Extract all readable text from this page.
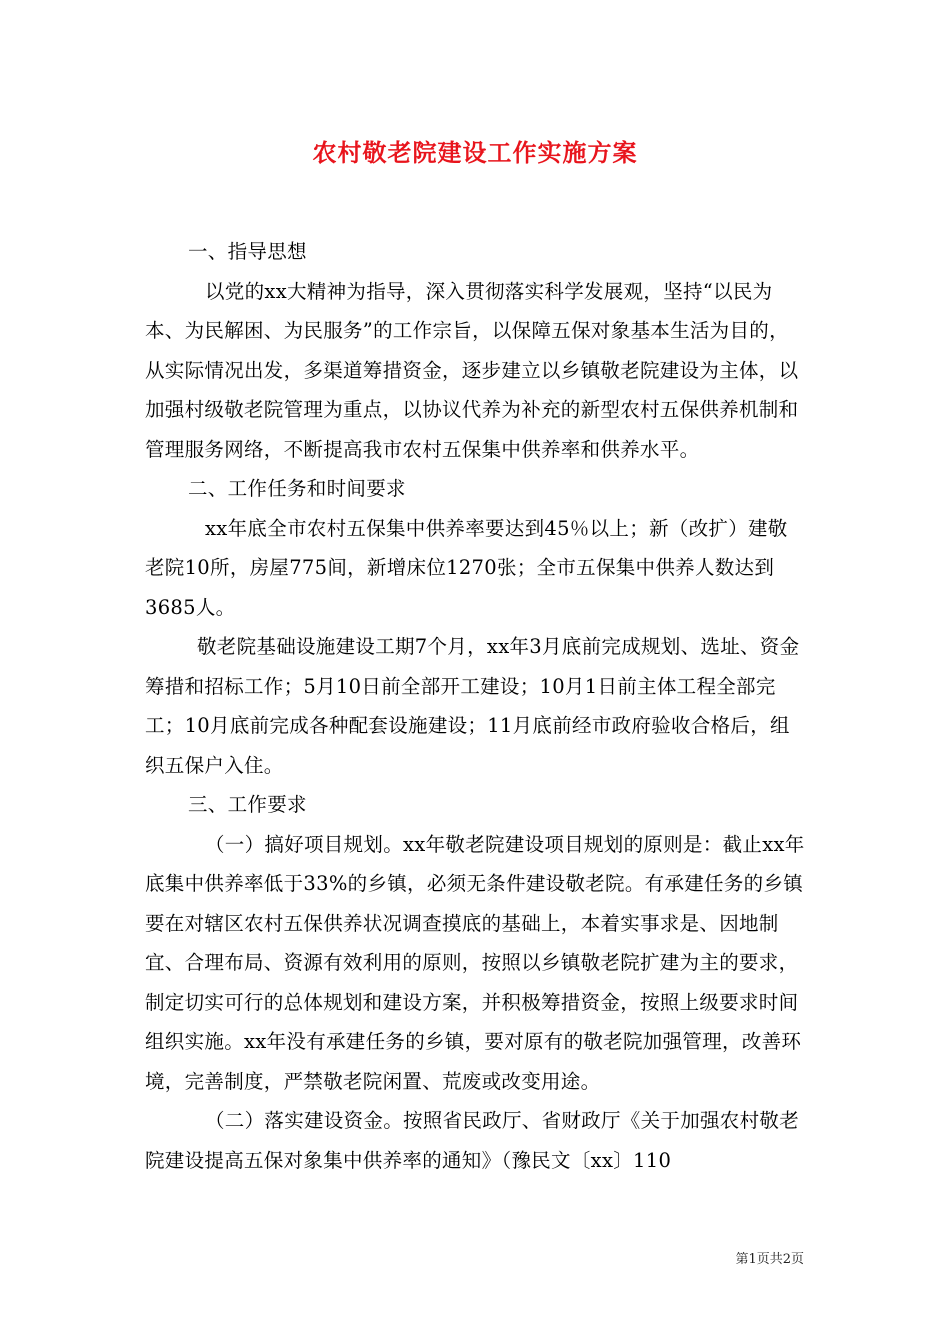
农村敬老院建设工作实施方案

一、指导思想

以党的xx大精神为指导，深入贯彻落实科学发展观，坚持“以民为本、为民解困、为民服务”的工作宗旨，以保障五保对象基本生活为目的，从实际情况出发，多渠道筹措资金，逐步建立以乡镇敬老院建设为主体，以加强村级敬老院管理为重点，以协议代养为补充的新型农村五保供养机制和管理服务网络，不断提高我市农村五保集中供养率和供养水平。

二、工作任务和时间要求

xx年底全市农村五保集中供养率要达到45％以上；新（改扩）建敬老院10所，房屋775间，新增床位1270张；全市五保集中供养人数达到3685人。

敬老院基础设施建设工期7个月，xx年3月底前完成规划、选址、资金筹措和招标工作；5月10日前全部开工建设；10月1日前主体工程全部完工；10月底前完成各种配套设施建设；11月底前经市政府验收合格后，组织五保户入住。

三、工作要求

（一）搞好项目规划。xx年敬老院建设项目规划的原则是：截止xx年底集中供养率低于33%的乡镇，必须无条件建设敬老院。有承建任务的乡镇要在对辖区农村五保供养状况调查摸底的基础上，本着实事求是、因地制宜、合理布局、资源有效利用的原则，按照以乡镇敬老院扩建为主的要求，制定切实可行的总体规划和建设方案，并积极筹措资金，按照上级要求时间组织实施。xx年没有承建任务的乡镇，要对原有的敬老院加强管理，改善环境，完善制度，严禁敬老院闲置、荒废或改变用途。

（二）落实建设资金。按照省民政厅、省财政厅《关于加强农村敬老院建设提高五保对象集中供养率的通知》（豫民文〔xx〕110

第1页共2页
